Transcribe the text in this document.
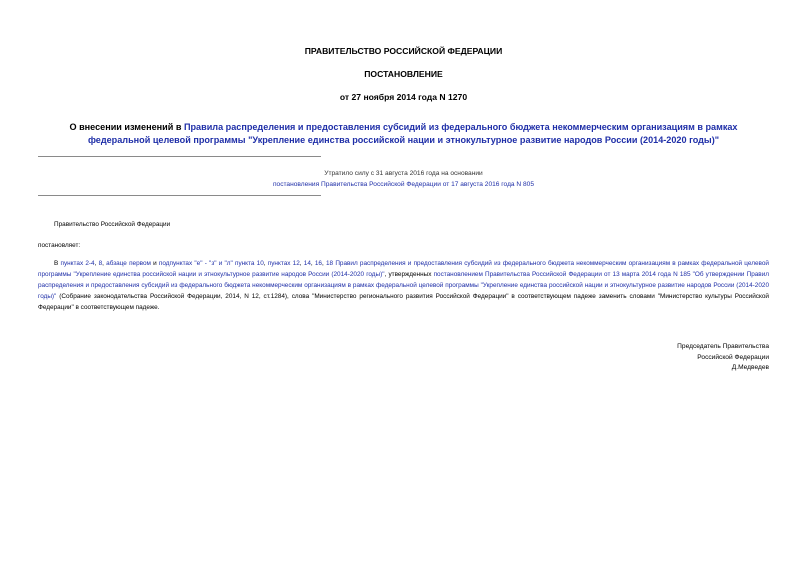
ПРАВИТЕЛЬСТВО РОССИЙСКОЙ ФЕДЕРАЦИИ
ПОСТАНОВЛЕНИЕ
от 27 ноября 2014 года N 1270
О внесении изменений в Правила распределения и предоставления субсидий из федерального бюджета некоммерческим организациям в рамках федеральной целевой программы "Укрепление единства российской нации и этнокультурное развитие народов России (2014-2020 годы)"
Утратило силу с 31 августа 2016 года на основании
постановления Правительства Российской Федерации от 17 августа 2016 года N 805
Правительство Российской Федерации
постановляет:
В пунктах 2-4, 8, абзаце первом и подпунктах "е" - "з" и "л" пункта 10, пунктах 12, 14, 16, 18 Правил распределения и предоставления субсидий из федерального бюджета некоммерческим организациям в рамках федеральной целевой программы "Укрепление единства российской нации и этнокультурное развитие народов России (2014-2020 годы)", утвержденных постановлением Правительства Российской Федерации от 13 марта 2014 года N 185 "Об утверждении Правил распределения и предоставления субсидий из федерального бюджета некоммерческим организациям в рамках федеральной целевой программы "Укрепление единства российской нации и этнокультурное развитие народов России (2014-2020 годы)" (Собрание законодательства Российской Федерации, 2014, N 12, ст.1284), слова "Министерство регионального развития Российской Федерации" в соответствующем падеже заменить словами "Министерство культуры Российской Федерации" в соответствующем падеже.
Председатель Правительства
Российской Федерации
Д.Медведев
